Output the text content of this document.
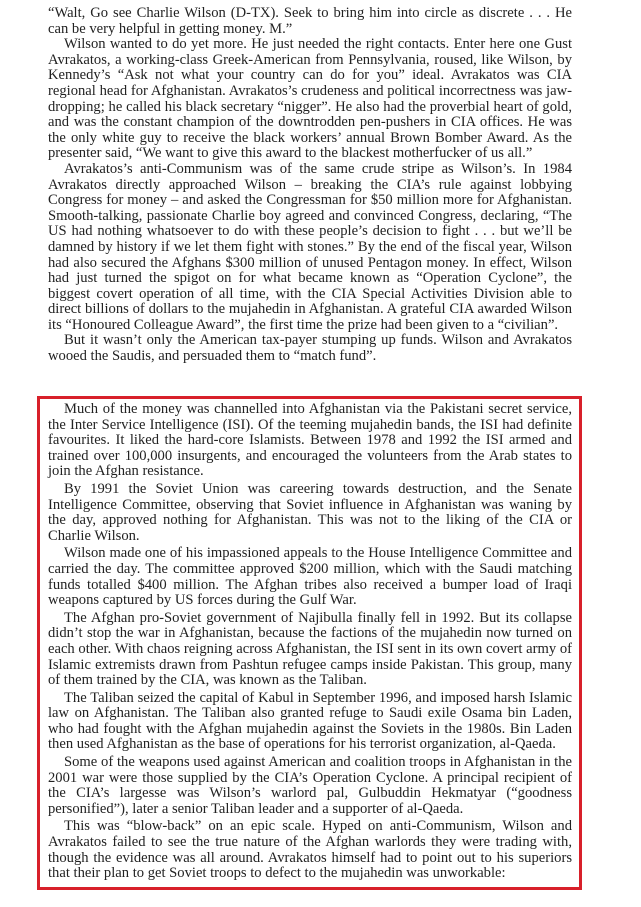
“Walt, Go see Charlie Wilson (D-TX). Seek to bring him into circle as discrete . . . He can be very helpful in getting money. M.”

Wilson wanted to do yet more. He just needed the right contacts. Enter here one Gust Avrakatos, a working-class Greek-American from Pennsylvania, roused, like Wilson, by Kennedy’s “Ask not what your country can do for you” ideal. Avrakatos was CIA regional head for Afghanistan. Avrakatos’s crudeness and political incorrectness was jaw-dropping; he called his black secretary “nigger”. He also had the proverbial heart of gold, and was the constant champion of the downtrodden pen-pushers in CIA offices. He was the only white guy to receive the black workers’ annual Brown Bomber Award. As the presenter said, “We want to give this award to the blackest motherfucker of us all.”

Avrakatos’s anti-Communism was of the same crude stripe as Wilson’s. In 1984 Avrakatos directly approached Wilson – breaking the CIA’s rule against lobbying Congress for money – and asked the Congressman for $50 million more for Afghanistan. Smooth-talking, passionate Charlie boy agreed and convinced Congress, declaring, “The US had nothing whatsoever to do with these people’s decision to fight . . . but we’ll be damned by history if we let them fight with stones.” By the end of the fiscal year, Wilson had also secured the Afghans $300 million of unused Pentagon money. In effect, Wilson had just turned the spigot on for what became known as “Operation Cyclone”, the biggest covert operation of all time, with the CIA Special Activities Division able to direct billions of dollars to the mujahedin in Afghanistan. A grateful CIA awarded Wilson its “Honoured Colleague Award”, the first time the prize had been given to a “civilian”.

But it wasn’t only the American tax-payer stumping up funds. Wilson and Avrakatos wooed the Saudis, and persuaded them to “match fund”.

Much of the money was channelled into Afghanistan via the Pakistani secret service, the Inter Service Intelligence (ISI). Of the teeming mujahedin bands, the ISI had definite favourites. It liked the hard-core Islamists. Between 1978 and 1992 the ISI armed and trained over 100,000 insurgents, and encouraged the volunteers from the Arab states to join the Afghan resistance.

By 1991 the Soviet Union was careering towards destruction, and the Senate Intelligence Committee, observing that Soviet influence in Afghanistan was waning by the day, approved nothing for Afghanistan. This was not to the liking of the CIA or Charlie Wilson.

Wilson made one of his impassioned appeals to the House Intelligence Committee and carried the day. The committee approved $200 million, which with the Saudi matching funds totalled $400 million. The Afghan tribes also received a bumper load of Iraqi weapons captured by US forces during the Gulf War.

The Afghan pro-Soviet government of Najibulla finally fell in 1992. But its collapse didn’t stop the war in Afghanistan, because the factions of the mujahedin now turned on each other. With chaos reigning across Afghanistan, the ISI sent in its own covert army of Islamic extremists drawn from Pashtun refugee camps inside Pakistan. This group, many of them trained by the CIA, was known as the Taliban.

The Taliban seized the capital of Kabul in September 1996, and imposed harsh Islamic law on Afghanistan. The Taliban also granted refuge to Saudi exile Osama bin Laden, who had fought with the Afghan mujahedin against the Soviets in the 1980s. Bin Laden then used Afghanistan as the base of operations for his terrorist organization, al-Qaeda.

Some of the weapons used against American and coalition troops in Afghanistan in the 2001 war were those supplied by the CIA’s Operation Cyclone. A principal recipient of the CIA’s largesse was Wilson’s warlord pal, Gulbuddin Hekmatyar (“goodness personified”), later a senior Taliban leader and a supporter of al-Qaeda.

This was “blow-back” on an epic scale. Hyped on anti-Communism, Wilson and Avrakatos failed to see the true nature of the Afghan warlords they were trading with, though the evidence was all around. Avrakatos himself had to point out to his superiors that their plan to get Soviet troops to defect to the mujahedin was unworkable:
